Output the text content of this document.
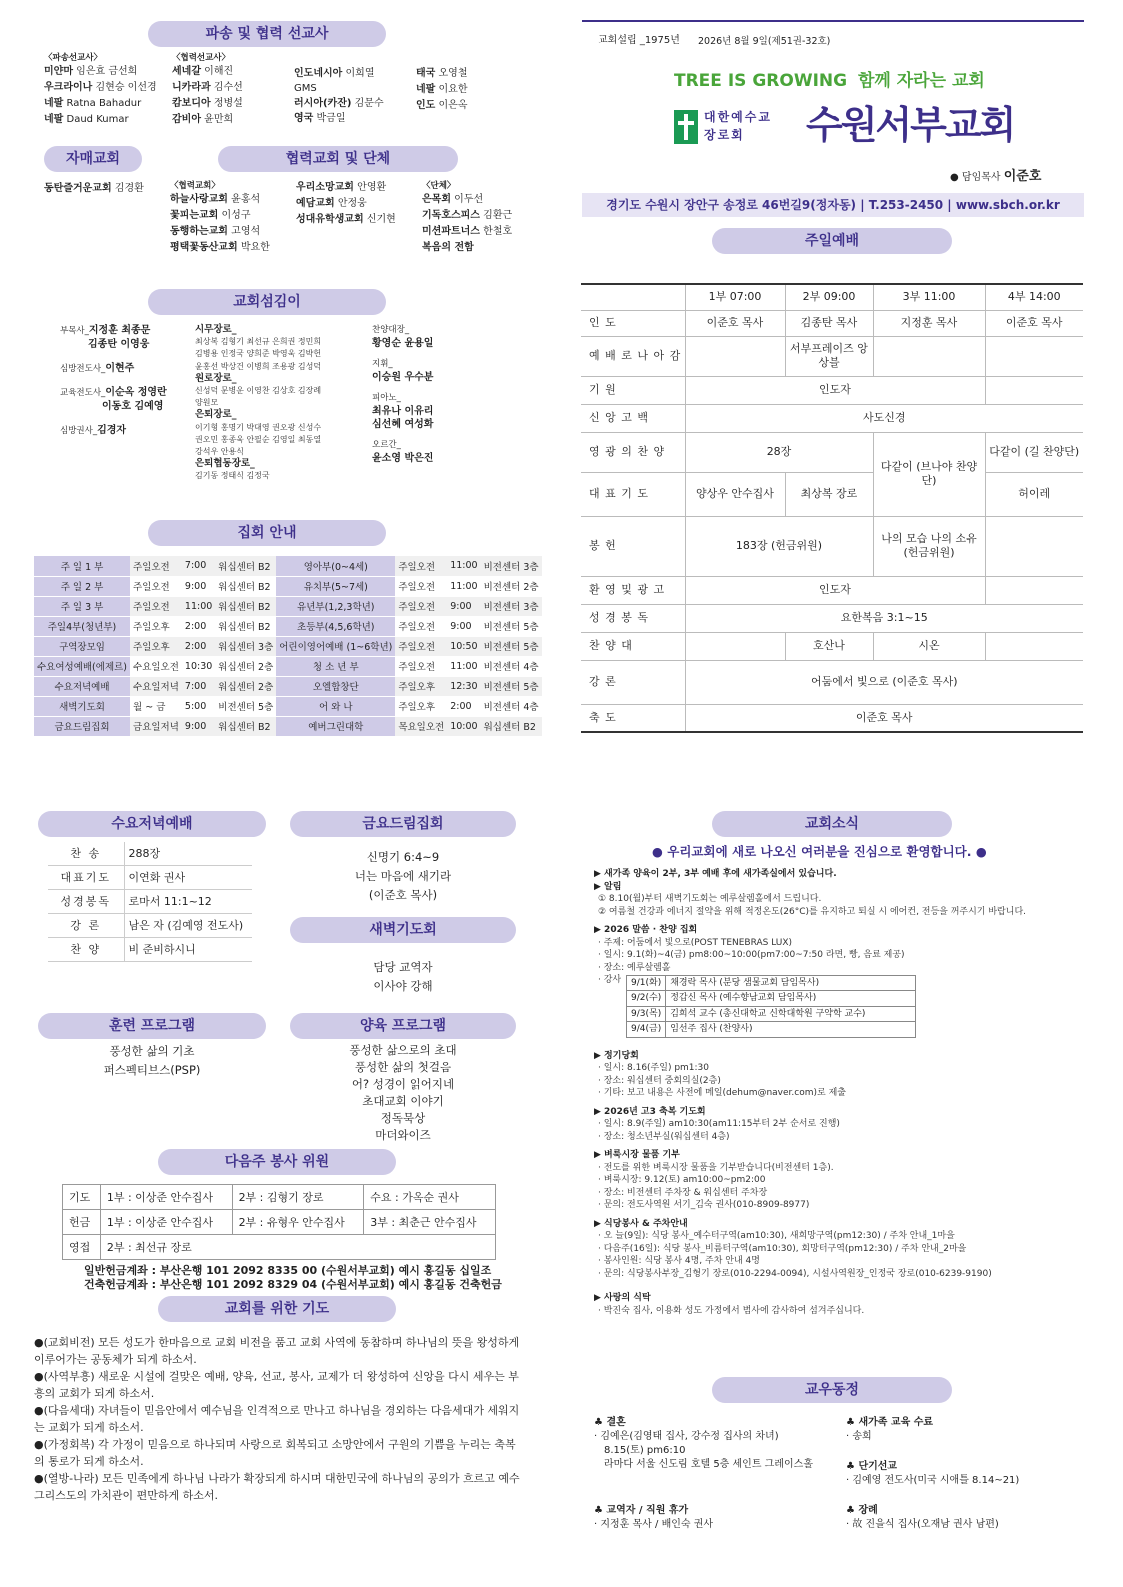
파송 및 협력 선교사
〈파송선교사〉
미얀마 임은효 금선희
우크라이나 김현승 이선경
네팔 Ratna Bahadur
네팔 Daud Kumar
〈협력선교사〉
세네갈 이해진
니카라과 김수선
캄보디아 정병설
감비아 윤만희
인도네시아 이희열
GMS
러시아(카잔) 김문수
영국 박금일
태국 오영철
네팔 이요한
인도 이은옥
자매교회
동탄즐거운교회 김경환
협력교회 및 단체
〈협력교회〉
하늘사랑교회 윤홍석
꽃피는교회 이성구
동행하는교회 고영석
평택꽃동산교회 박요한
우리소망교회 안영환
예담교회 안정웅
성대유학생교회 신기현
〈단체〉
은목회 이두선
기독호스피스 김환근
미션파트너스 한철호
복음의 전함
교회섬김이
부목사_지정훈 최종문
김종탄 이영웅
심방전도사_이현주
교육전도사_이순옥 정영란
이동호 김예영
심방권사_김경자
시무장로_
최상복 김형기 최선규 은희권 정민희
김병용 인정국 양희준 박영욱 김박헌
윤홍선 박상건 이병희 조용광 김성덕
원로장로_
신성덕 문병운 이영찬 김상호 김장례
양원모
은퇴장로_
이기형 홍명기 박대영 권오광 신성수
권오민 홍종욱 안필순 김영일 최동열
강석우 안용식
은퇴협동장로_
김기동 정태식 김정국
찬양대장_
황영순 윤용일
지휘_
이승원 우수분
피아노_
최유나 이유리
심선혜 여성화
오르간_
윤소영 박은진
집회 안내
주 일 1 부	주일오전	7:00	워십센터 B2	영아부(0~4세)	주일오전	11:00	비전센터 3층
주 일 2 부	주일오전	9:00	워십센터 B2	유치부(5~7세)	주일오전	11:00	비전센터 2층
주 일 3 부	주일오전	11:00	워십센터 B2	유년부(1,2,3학년)	주일오전	9:00	비전센터 3층
주일4부(청년부)	주일오후	2:00	워십센터 B2	초등부(4,5,6학년)	주일오전	9:00	비전센터 5층
구역장모임	주일오후	2:00	워십센터 3층	어린이영어예배 (1~6학년)	주일오전	10:50	비전센터 5층
수요여성예배(에제르)	수요일오전	10:30	워십센터 2층	청 소 년 부	주일오전	11:00	비전센터 4층
수요저녁예배	수요일저녁	7:00	워십센터 2층	오엘합창단	주일오후	12:30	비전센터 5층
새벽기도회	월 ~ 금	5:00	비전센터 5층	어 와 나	주일오후	2:00	비전센터 4층
금요드림집회	금요일저녁	9:00	워십센터 B2	예버그린대학	목요일오전	10:00	워십센터 B2
교회설립 _1975년 2026년 8월 9일(제51권-32호)
TREE IS GROWING 함께 자라는 교회
대한예수교 장로회	수원서부교회
● 담임목사 이준호
경기도 수원시 장안구 송정로 46번길9(정자동) | T.253-2450 | www.sbch.or.kr
주일예배
	1부 07:00	2부 09:00	3부 11:00	4부 14:00
인 도	이준호 목사	김종탄 목사	지정훈 목사	이준호 목사
예 배 로 나 아 감		서부프레이즈 앙상블		
기 원	인도자			
신 앙 고 백	사도신경			
영 광 의 찬 양	28장		다같이 (브나야 찬양단)	다같이 (길 찬양단)
대 표 기 도	양상우 안수집사	최상복 장로		허이레
봉 헌	183장 (헌금위원)		나의 모습 나의 소유 (헌금위원)	
환 영 및 광 고	인도자			
성 경 봉 독	요한복음 3:1~15			
찬 양 대		호산나	시온	
강 론	어둠에서 빛으로 (이준호 목사)			
축 도	이준호 목사			
수요저녁예배
찬 송	288장
대표기도	이연화 권사
성경봉독	로마서 11:1~12
강 론	남은 자 (김예영 전도사)
찬 양	비 준비하시니
금요드림집회
신명기 6:4~9
너는 마음에 새기라
(이준호 목사)
새벽기도회
담당 교역자
이사야 강해
훈련 프로그램
풍성한 삶의 기초
퍼스펙티브스(PSP)
양육 프로그램
풍성한 삶으로의 초대
풍성한 삶의 첫걸음
어? 성경이 읽어지네
초대교회 이야기
정독묵상
마더와이즈
다음주 봉사 위원
기도	1부 : 이상준 안수집사	2부 : 김형기 장로	수요 : 가옥순 권사
헌금	1부 : 이상준 안수집사	2부 : 유형우 안수집사	3부 : 최춘근 안수집사
영접	2부 : 최선규 장로		
일반헌금계좌 : 부산은행 101 2092 8335 00 (수원서부교회) 예시 홍길동 십일조
건축헌금계좌 : 부산은행 101 2092 8329 04 (수원서부교회) 예시 홍길동 건축헌금
교회를 위한 기도

●(교회비전) 모든 성도가 한마음으로 교회 비전을 품고 교회 사역에 동참하며 하나님의 뜻을 왕성하게 이루어가는 공동체가 되게 하소서.

●(사역부흥) 새로운 시설에 걸맞은 예배, 양육, 선교, 봉사, 교제가 더 왕성하여 신앙을 다시 세우는 부흥의 교회가 되게 하소서.

●(다음세대) 자녀들이 믿음안에서 예수님을 인격적으로 만나고 하나님을 경외하는 다음세대가 세워지는 교회가 되게 하소서.

●(가정회복) 각 가정이 믿음으로 하나되며 사랑으로 회복되고 소망안에서 구원의 기쁨을 누리는 축복의 통로가 되게 하소서.

●(열방-나라) 모든 민족에게 하나님 나라가 확장되게 하시며 대한민국에 하나님의 공의가 흐르고 예수그리스도의 가치관이 편만하게 하소서.

교회소식
● 우리교회에 새로 나오신 여러분을 진심으로 환영합니다. ●
▶ 새가족 양육이 2부, 3부 예배 후에 새가족실에서 있습니다.
▶ 알림
① 8.10(월)부터 새벽기도회는 예루살렘홀에서 드립니다.
② 여름철 건강과 에너지 절약을 위해 적정온도(26°C)를 유지하고 퇴실 시 에어컨, 전등을 꺼주시기 바랍니다.
▶ 2026 말씀 · 찬양 집회
· 주제: 어둠에서 빛으로(POST TENEBRAS LUX)
· 일시: 9.1(화)~4(금) pm8:00~10:00(pm7:00~7:50 라면, 빵, 음료 제공)
· 장소: 예루살렘홀
· 강사	9/1(화)	채경락 목사 (분당 샘물교회 담임목사)
9/2(수)	정갑신 목사 (예수향남교회 담임목사)
9/3(목)	김희석 교수 (총신대학교 신학대학원 구약학 교수)
9/4(금)	임선주 집사 (찬양사)
▶ 정기당회
· 일시: 8.16(주일) pm1:30
· 장소: 워십센터 중회의실(2층)
· 기타: 보고 내용은 사전에 메일(dehum@naver.com)로 제출
▶ 2026년 고3 축복 기도회
· 일시: 8.9(주일) am10:30(am11:15부터 2부 순서로 진행)
· 장소: 청소년부실(워십센터 4층)
▶ 벼룩시장 물품 기부
· 전도를 위한 벼룩시장 물품을 기부받습니다(비전센터 1층).
· 벼룩시장: 9.12(토) am10:00~pm2:00
· 장소: 비전센터 주차장 & 워십센터 주차장
· 문의: 전도사역원 서기_김숙 권사(010-8909-8977)
▶ 식당봉사 & 주차안내
· 오 늘(9일): 식당 봉사_예수터구역(am10:30), 새희망구역(pm12:30) / 주차 안내_1마을
· 다음주(16일): 식당 봉사_비름터구역(am10:30), 회망터구역(pm12:30) / 주차 안내_2마을
· 봉사인원: 식당 봉사 4명, 주차 안내 4명
· 문의: 식당봉사부장_김형기 장로(010-2294-0094), 시설사역원장_인정국 장로(010-6239-9190)
▶ 사랑의 식탁
· 박진숙 집사, 이용화 성도 가정에서 범사에 감사하여 섬겨주십니다.
교우동정
♣ 결혼
· 김예은(김영태 집사, 강수정 집사의 차녀)
8.15(토) pm6:10
라마다 서울 신도림 호텔 5층 세인트 그레이스홀
♣ 새가족 교육 수료
· 송희
♣ 단기선교
· 김예영 전도사(미국 시애틀 8.14~21)
♣ 교역자 / 직원 휴가
· 지정훈 목사 / 배인숙 권사
♣ 장례
· 故 진을식 집사(오재남 권사 남편)
